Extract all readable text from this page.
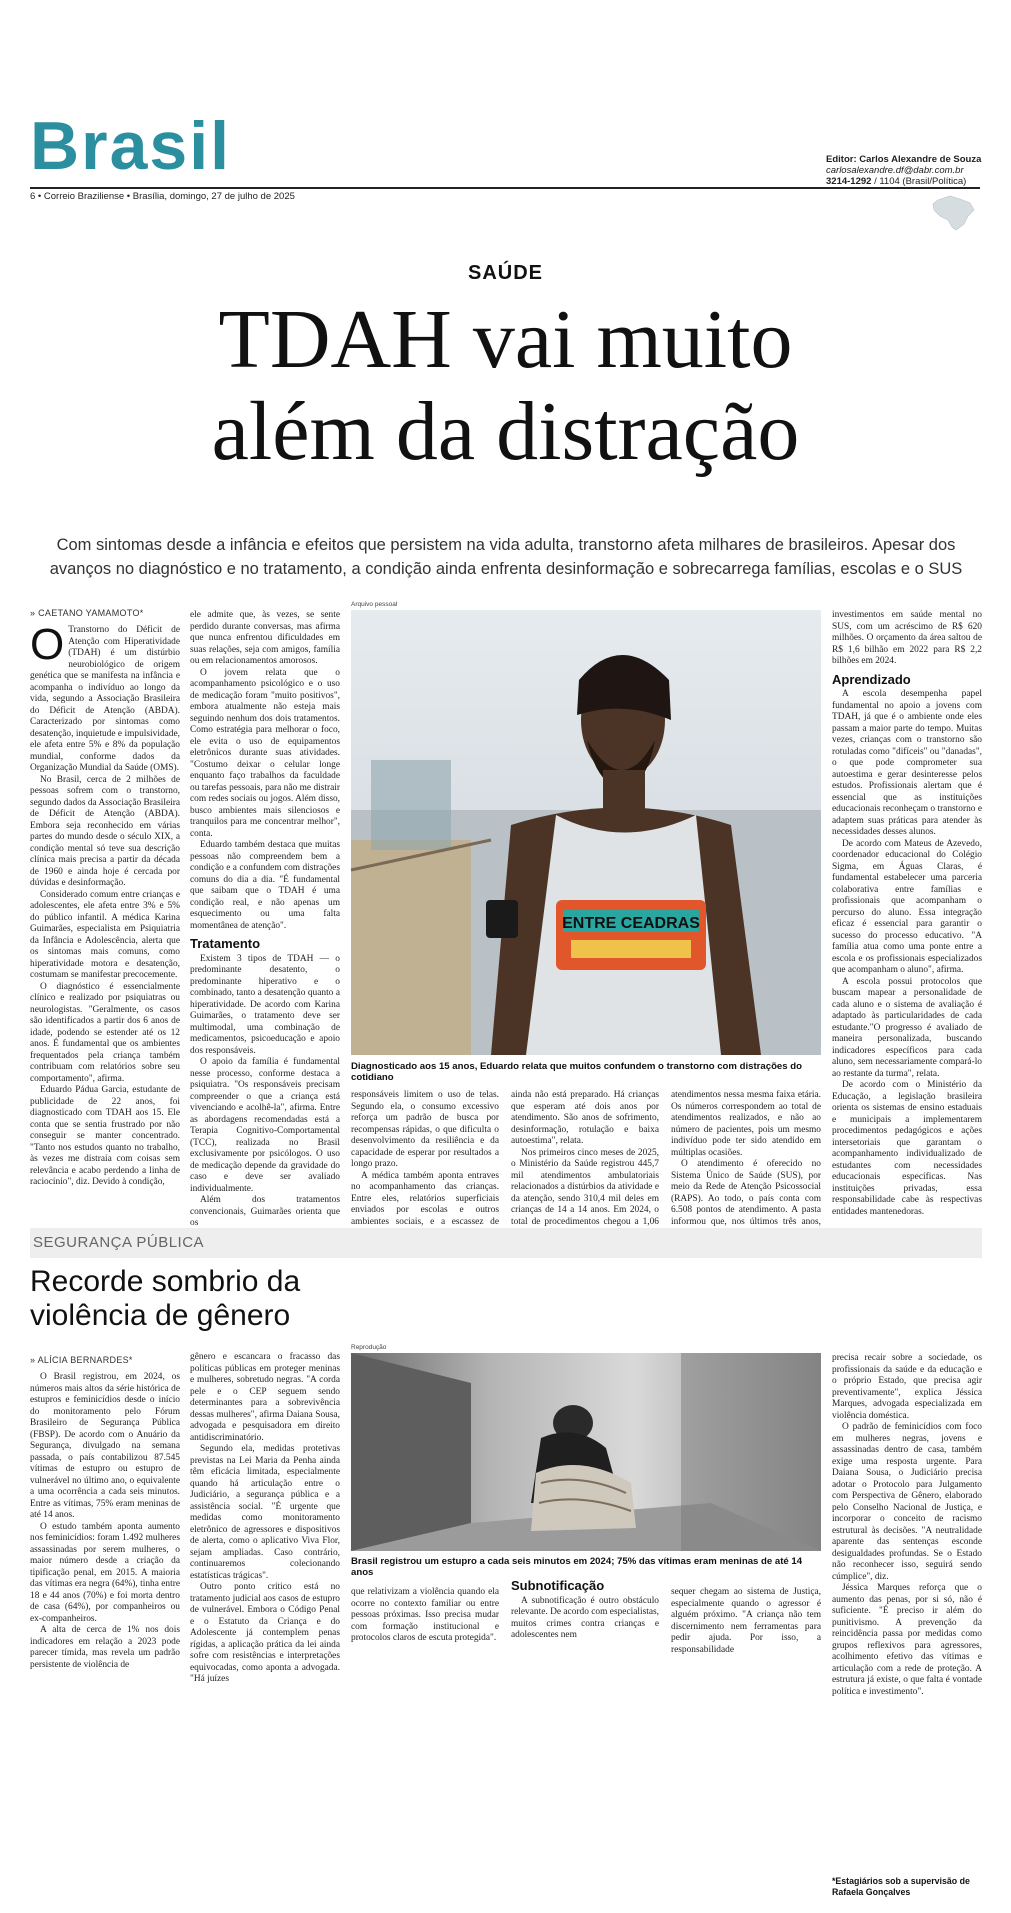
Brasil	Editor: Carlos Alexandre de Souza
carlosalexandre.df@dabr.com.br
3214-1292 / 1104 (Brasil/Política)
6 • Correio Braziliense • Brasília, domingo, 27 de julho de 2025
SAÚDE
TDAH vai muito
além da distração
Com sintomas desde a infância e efeitos que persistem na vida adulta, transtorno afeta milhares de brasileiros. Apesar dos avanços no diagnóstico e no tratamento, a condição ainda enfrenta desinformação e sobrecarrega famílias, escolas e o SUS
» CAETANO YAMAMOTO*

O Transtorno do Déficit de Atenção com Hiperatividade (TDAH) é um distúrbio neurobiológico de origem genética que se manifesta na infância e acompanha o indivíduo ao longo da vida, segundo a Associação Brasileira do Déficit de Atenção (ABDA). Caracterizado por sintomas como desatenção, inquietude e impulsividade, ele afeta entre 5% e 8% da população mundial, conforme dados da Organização Mundial da Saúde (OMS).

No Brasil, cerca de 2 milhões de pessoas sofrem com o transtorno, segundo dados da Associação Brasileira de Déficit de Atenção (ABDA). Embora seja reconhecido em várias partes do mundo desde o século XIX, a condição mental só teve sua descrição clínica mais precisa a partir da década de 1960 e ainda hoje é cercada por dúvidas e desinformação.

Considerado comum entre crianças e adolescentes, ele afeta entre 3% e 5% do público infantil. A médica Karina Guimarães, especialista em Psiquiatria da Infância e Adolescência, alerta que os sintomas mais comuns, como hiperatividade motora e desatenção, costumam se manifestar precocemente.

O diagnóstico é essencialmente clínico e realizado por psiquiatras ou neurologistas. "Geralmente, os casos são identificados a partir dos 6 anos de idade, podendo se estender até os 12 anos. É fundamental que os ambientes frequentados pela criança também contribuam com relatórios sobre seu comportamento", afirma.

Eduardo Pádua Garcia, estudante de publicidade de 22 anos, foi diagnosticado com TDAH aos 15. Ele conta que se sentia frustrado por não conseguir se manter concentrado. "Tanto nos estudos quanto no trabalho, às vezes me distraía com coisas sem relevância e acabo perdendo a linha de raciocínio", diz. Devido à condição,

ele admite que, às vezes, se sente perdido durante conversas, mas afirma que nunca enfrentou dificuldades em suas relações, seja com amigos, família ou em relacionamentos amorosos.

O jovem relata que o acompanhamento psicológico e o uso de medicação foram "muito positivos", embora atualmente não esteja mais seguindo nenhum dos dois tratamentos. Como estratégia para melhorar o foco, ele evita o uso de equipamentos eletrônicos durante suas atividades. "Costumo deixar o celular longe enquanto faço trabalhos da faculdade ou tarefas pessoais, para não me distrair com redes sociais ou jogos. Além disso, busco ambientes mais silenciosos e tranquilos para me concentrar melhor", conta.

Eduardo também destaca que muitas pessoas não compreendem bem a condição e a confundem com distrações comuns do dia a dia. "É fundamental que saibam que o TDAH é uma condição real, e não apenas um esquecimento ou uma falta momentânea de atenção".

Tratamento

Existem 3 tipos de TDAH — o predominante desatento, o predominante hiperativo e o combinado, tanto a desatenção quanto a hiperatividade. De acordo com Karina Guimarães, o tratamento deve ser multimodal, uma combinação de medicamentos, psicoeducação e apoio dos responsáveis.

O apoio da família é fundamental nesse processo, conforme destaca a psiquiatra. "Os responsáveis precisam compreender o que a criança está vivenciando e acolhê-la", afirma. Entre as abordagens recomendadas está a Terapia Cognitivo-Comportamental (TCC), realizada no Brasil exclusivamente por psicólogos. O uso de medicação depende da gravidade do caso e deve ser avaliado individualmente.

Além dos tratamentos convencionais, Guimarães orienta que os

Arquivo pessoal
ENTRE CEADRAS
Diagnosticado aos 15 anos, Eduardo relata que muitos confundem o transtorno com distrações do cotidiano

responsáveis limitem o uso de telas. Segundo ela, o consumo excessivo reforça um padrão de busca por recompensas rápidas, o que dificulta o desenvolvimento da resiliência e da capacidade de esperar por resultados a longo prazo.

A médica também aponta entraves no acompanhamento das crianças. Entre eles, relatórios superficiais enviados por escolas e outros ambientes sociais, e a escassez de

ainda não está preparado. Há crianças que esperam até dois anos por atendimento. São anos de sofrimento, desinformação, rotulação e baixa autoestima", relata.

Nos primeiros cinco meses de 2025, o Ministério da Saúde registrou 445,7 mil atendimentos ambulatoriais relacionados a distúrbios da atividade e da atenção, sendo 310,4 mil deles em crianças de 14 a 14 anos. Em 2024, o total de procedimentos chegou a 1,06

atendimentos nessa mesma faixa etária. Os números correspondem ao total de atendimentos realizados, e não ao número de pacientes, pois um mesmo indivíduo pode ter sido atendido em múltiplas ocasiões.

O atendimento é oferecido no Sistema Único de Saúde (SUS), por meio da Rede de Atenção Psicossocial (RAPS). Ao todo, o país conta com 6.508 pontos de atendimento. A pasta informou que, nos últimos três anos,

investimentos em saúde mental no SUS, com um acréscimo de R$ 620 milhões. O orçamento da área saltou de R$ 1,6 bilhão em 2022 para R$ 2,2 bilhões em 2024.

Aprendizado

A escola desempenha papel fundamental no apoio a jovens com TDAH, já que é o ambiente onde eles passam a maior parte do tempo. Muitas vezes, crianças com o transtorno são rotuladas como "difíceis" ou "danadas", o que pode comprometer sua autoestima e gerar desinteresse pelos estudos. Profissionais alertam que é essencial que as instituições educacionais reconheçam o transtorno e adaptem suas práticas para atender às necessidades desses alunos.

De acordo com Mateus de Azevedo, coordenador educacional do Colégio Sigma, em Águas Claras, é fundamental estabelecer uma parceria colaborativa entre famílias e profissionais que acompanham o percurso do aluno. Essa integração eficaz é essencial para garantir o sucesso do processo educativo. "A família atua como uma ponte entre a escola e os profissionais especializados que acompanham o aluno", afirma.

A escola possui protocolos que buscam mapear a personalidade de cada aluno e o sistema de avaliação é adaptado às particularidades de cada estudante."O progresso é avaliado de maneira personalizada, buscando indicadores específicos para cada aluno, sem necessariamente compará-lo ao restante da turma", relata.

De acordo com o Ministério da Educação, a legislação brasileira orienta os sistemas de ensino estaduais e municipais a implementarem procedimentos pedagógicos e ações intersetoriais que garantam o acompanhamento individualizado de estudantes com necessidades educacionais específicas. Nas instituições privadas, essa responsabilidade cabe às respectivas entidades mantenedoras.

SEGURANÇA PÚBLICA
Recorde sombrio da
violência de gênero
» ALÍCIA BERNARDES*

O Brasil registrou, em 2024, os números mais altos da série histórica de estupros e feminicídios desde o início do monitoramento pelo Fórum Brasileiro de Segurança Pública (FBSP). De acordo com o Anuário da Segurança, divulgado na semana passada, o país contabilizou 87.545 vítimas de estupro ou estupro de vulnerável no último ano, o equivalente a uma ocorrência a cada seis minutos. Entre as vítimas, 75% eram meninas de até 14 anos.

O estudo também aponta aumento nos feminicídios: foram 1.492 mulheres assassinadas por serem mulheres, o maior número desde a criação da tipificação penal, em 2015. A maioria das vítimas era negra (64%), tinha entre 18 e 44 anos (70%) e foi morta dentro de casa (64%), por companheiros ou ex-companheiros.

A alta de cerca de 1% nos dois indicadores em relação a 2023 pode parecer tímida, mas revela um padrão persistente de violência de

gênero e escancara o fracasso das políticas públicas em proteger meninas e mulheres, sobretudo negras. "A corda pele e o CEP seguem sendo determinantes para a sobrevivência dessas mulheres", afirma Daiana Sousa, advogada e pesquisadora em direito antidiscriminatório.

Segundo ela, medidas protetivas previstas na Lei Maria da Penha ainda têm eficácia limitada, especialmente quando há articulação entre o Judiciário, a segurança pública e a assistência social. "É urgente que medidas como monitoramento eletrônico de agressores e dispositivos de alerta, como o aplicativo Viva Flor, sejam ampliadas. Caso contrário, continuaremos colecionando estatísticas trágicas".

Outro ponto crítico está no tratamento judicial aos casos de estupro de vulnerável. Embora o Código Penal e o Estatuto da Criança e do Adolescente já contemplem penas rígidas, a aplicação prática da lei ainda sofre com resistências e interpretações equivocadas, como aponta a advogada. "Há juízes

Reprodução
Brasil registrou um estupro a cada seis minutos em 2024; 75% das vítimas eram meninas de até 14 anos

que relativizam a violência quando ela ocorre no contexto familiar ou entre pessoas próximas. Isso precisa mudar com formação institucional e protocolos claros de escuta protegida".

Subnotificação

A subnotificação é outro obstáculo relevante. De acordo com especialistas, muitos crimes contra crianças e adolescentes nem

sequer chegam ao sistema de Justiça, especialmente quando o agressor é alguém próximo. "A criança não tem discernimento nem ferramentas para pedir ajuda. Por isso, a responsabilidade

precisa recair sobre a sociedade, os profissionais da saúde e da educação e o próprio Estado, que precisa agir preventivamente", explica Jéssica Marques, advogada especializada em violência doméstica.

O padrão de feminicídios com foco em mulheres negras, jovens e assassinadas dentro de casa, também exige uma resposta urgente. Para Daiana Sousa, o Judiciário precisa adotar o Protocolo para Julgamento com Perspectiva de Gênero, elaborado pelo Conselho Nacional de Justiça, e incorporar o conceito de racismo estrutural às decisões. "A neutralidade aparente das sentenças esconde desigualdades profundas. Se o Estado não reconhecer isso, seguirá sendo cúmplice", diz.

Jéssica Marques reforça que o aumento das penas, por si só, não é suficiente. "É preciso ir além do punitivismo. A prevenção da reincidência passa por medidas como grupos reflexivos para agressores, acolhimento efetivo das vítimas e articulação com a rede de proteção. A estrutura já existe, o que falta é vontade política e investimento".

*Estagiários sob a supervisão de Rafaela Gonçalves
